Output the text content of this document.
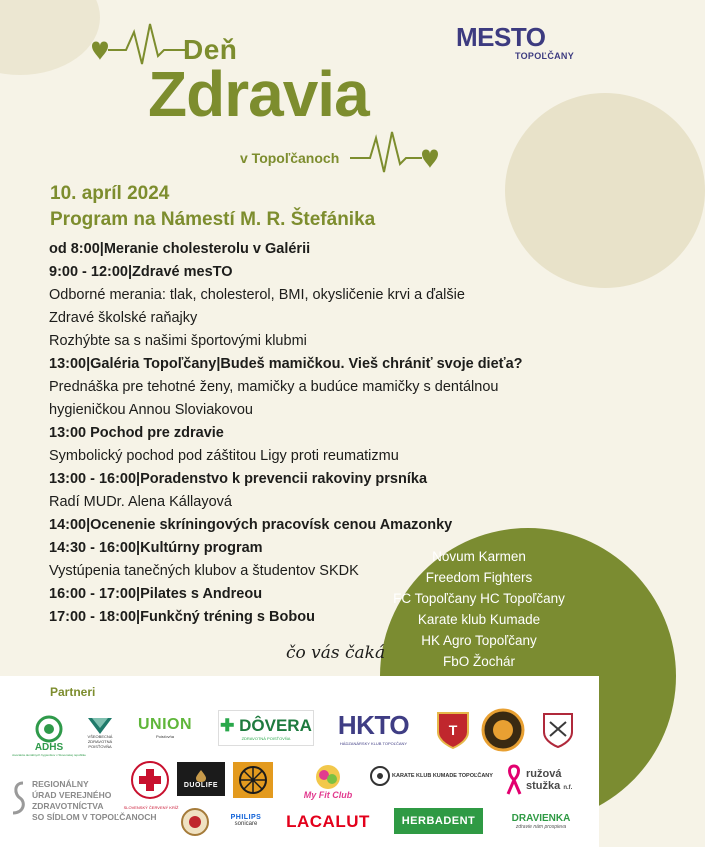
Deň
Zdravia
v Topoľčanoch
MESTO
TOPOĽČANY
10. apríl 2024
Program na Námestí M. R. Štefánika
od 8:00|Meranie cholesterolu v Galérii
9:00 - 12:00|Zdravé mesTO
Odborné merania: tlak, cholesterol, BMI, okysličenie krvi a ďalšie
Zdravé školské raňajky
Rozhýbte sa s našimi športovými klubmi
13:00|Galéria Topoľčany|Budeš mamičkou. Vieš chrániť svoje dieťa?
Prednáška pre tehotné ženy, mamičky a budúce mamičky s dentálnou
hygieničkou Annou Sloviakovou
13:00 Pochod pre zdravie
Symbolický pochod pod záštitou Ligy proti reumatizmu
13:00 - 16:00|Poradenstvo k prevencii rakoviny prsníka
Radí MUDr. Alena Kállayová
14:00|Ocenenie skríningových pracovísk cenou Amazonky
14:30 - 16:00|Kultúrny program
Vystúpenia tanečných klubov a študentov SKDK
16:00 - 17:00|Pilates s Andreou
17:00 - 18:00|Funkčný tréning s Bobou
Novum Karmen
Freedom Fighters
FC Topoľčany HC Topoľčany
Karate klub Kumade
HK Agro Topoľčany
FbO Žochár
čo vás čaká
Partneri
ADHS
Asociácia dentálnych hygienikov v Slovenskej republike
VŠEOBECNÁ ZDRAVOTNÁ POISŤOVŇA
UNION
Poisťovňa
✚ DÔVERA
ZDRAVOTNÁ POISŤOVŇA HKTO
HÁDZANÁRSKY KLUB TOPOĽČANY
T
REGIONÁLNY
ÚRAD VEREJNÉHO
ZDRAVOTNÍCTVA
SO SÍDLOM V TOPOĽČANOCH
SLOVENSKÝ ČERVENÝ KRÍŽ
DUOLIFE
My Fit Club
KARATE KLUB KUMADE TOPOĽČANY	ružová
stužka n.f.
PHILIPS
sonicare LACALUT	HERBADENT	DRAVIENKA
zdravie nám prospieva
